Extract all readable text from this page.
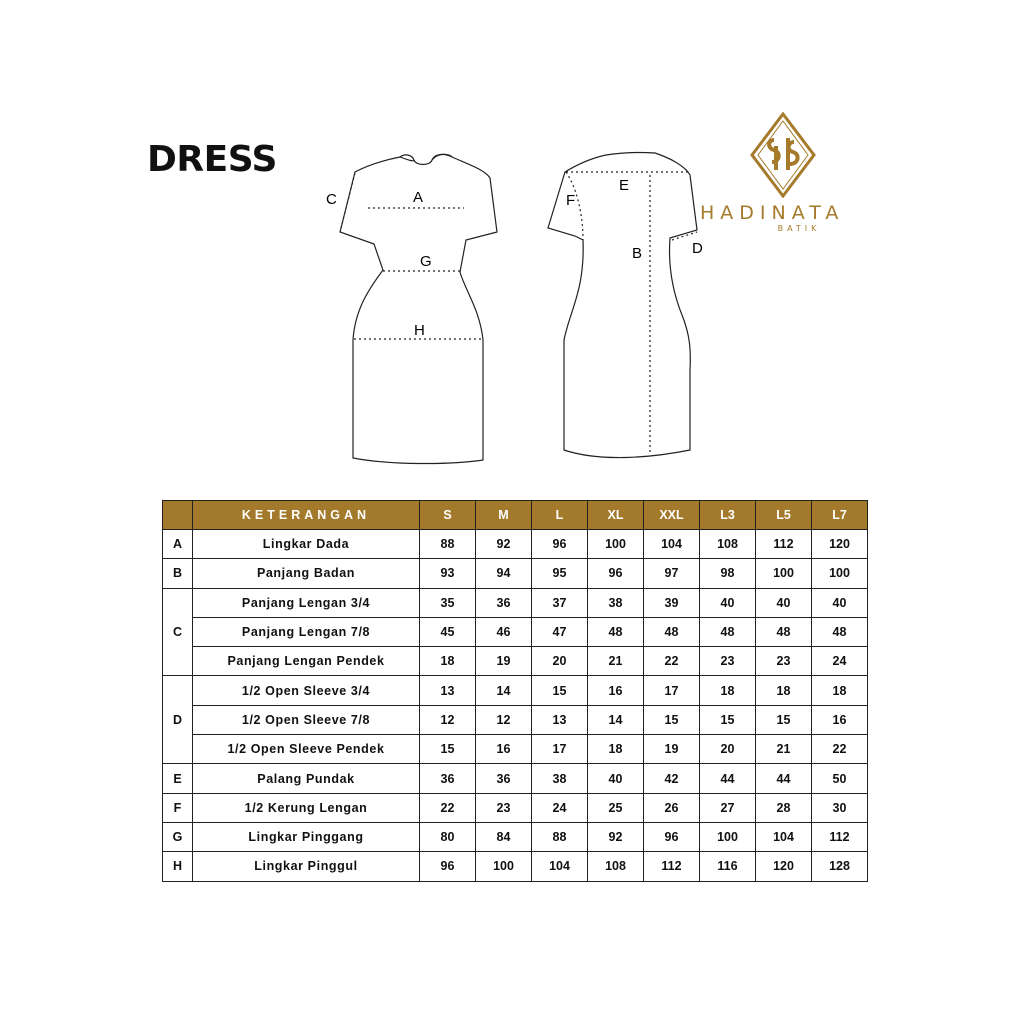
DRESS
A
C
G
H
E
F
B	D
HADINATA
BATIK
	KETERANGAN	S	M	L	XL	XXL	L3	L5	L7
A	Lingkar Dada	88	92	96	100	104	108	112	120
B	Panjang Badan	93	94	95	96	97	98	100	100
C	Panjang Lengan 3/4	35	36	37	38	39	40	40	40
	Panjang Lengan 7/8	45	46	47	48	48	48	48	48
	Panjang Lengan Pendek	18	19	20	21	22	23	23	24
D	1/2 Open Sleeve 3/4	13	14	15	16	17	18	18	18
	1/2 Open Sleeve 7/8	12	12	13	14	15	15	15	16
	1/2 Open Sleeve Pendek	15	16	17	18	19	20	21	22
E	Palang Pundak	36	36	38	40	42	44	44	50
F	1/2 Kerung Lengan	22	23	24	25	26	27	28	30
G	Lingkar Pinggang	80	84	88	92	96	100	104	112
H	Lingkar Pinggul	96	100	104	108	112	116	120	128
